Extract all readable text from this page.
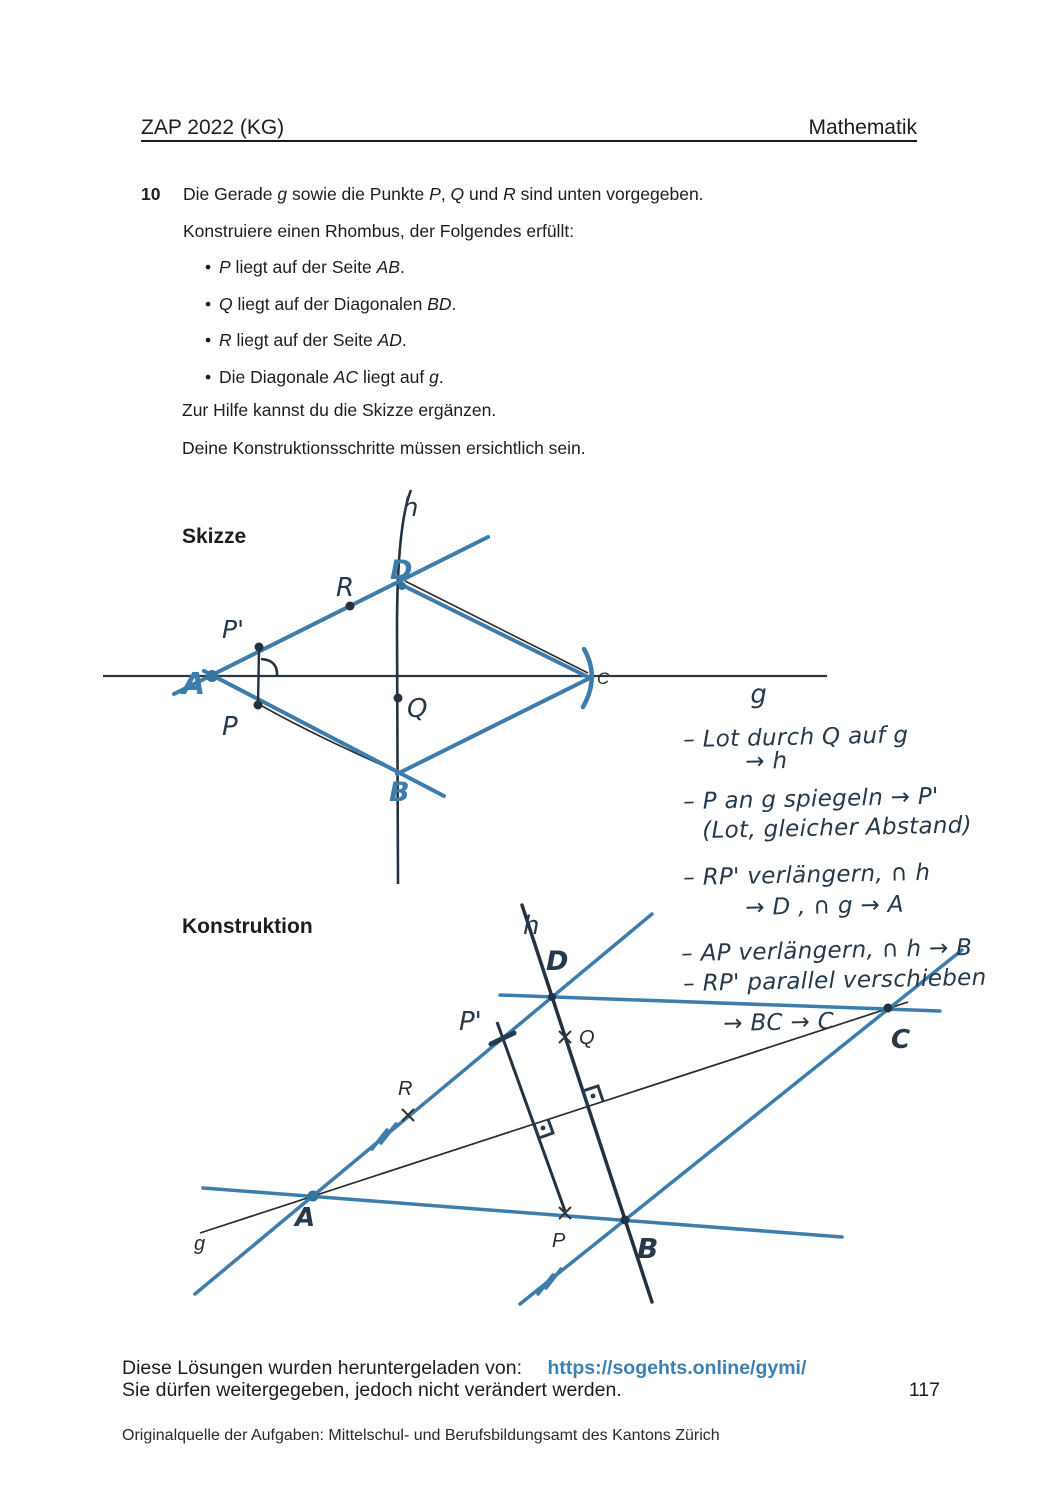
A
D
B
h
R
P'
P
Q
C
h
D
P'
A
B
C
R
Q
P
g
ZAP 2022 (KG)	Mathematik
10 Die Gerade g sowie die Punkte P, Q und R sind unten vorgegeben.
Konstruiere einen Rhombus, der Folgendes erfüllt:
• P liegt auf der Seite AB.
• Q liegt auf der Diagonalen BD.
• R liegt auf der Seite AD.
• Die Diagonale AC liegt auf g.
Zur Hilfe kannst du die Skizze ergänzen.
Deine Konstruktionsschritte müssen ersichtlich sein.
Skizze
Konstruktion
g
– Lot durch Q auf g
→ h
– P an g spiegeln → P'
(Lot, gleicher Abstand)
– RP' verlängern, ∩ h
→ D , ∩ g → A
– AP verlängern, ∩ h → B
– RP' parallel verschieben
→ BC → C
Diese Lösungen wurden heruntergeladen von: https://sogehts.online/gymi/
Sie dürfen weitergegeben, jedoch nicht verändert werden.	117
Originalquelle der Aufgaben: Mittelschul- und Berufsbildungsamt des Kantons Zürich
